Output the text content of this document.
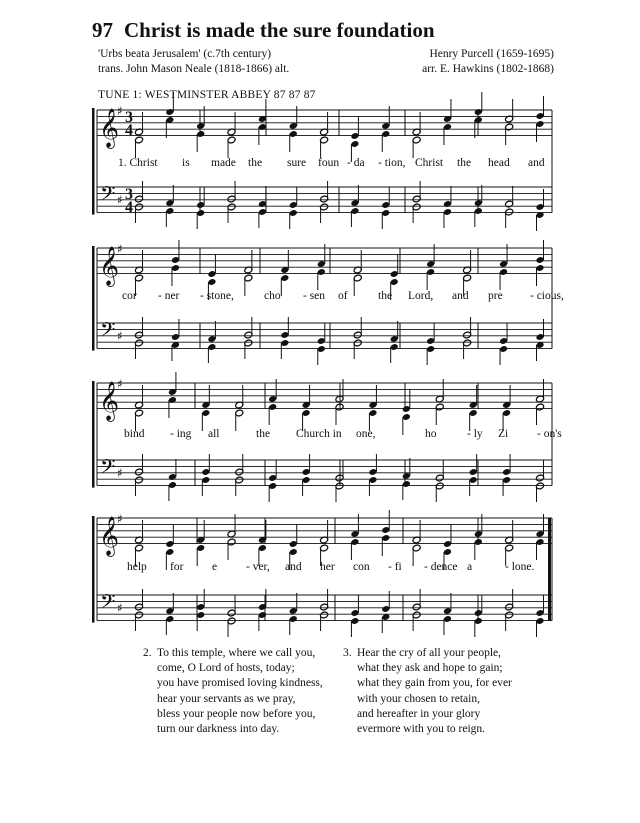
97 Christ is made the sure foundation
'Urbs beata Jerusalem' (c.7th century)
trans. John Mason Neale (1818-1866) alt.
Henry Purcell (1659-1695)
arr. E. Hawkins (1802-1868)
TUNE 1: WESTMINSTER ABBEY 87 87 87
𝄞
𝄢
♯
♯
3
4
3
4
1. Christ is made the sure foun - da - tion, Christ the head and
𝄞
𝄢
♯
♯
cor - ner - stone,	cho - sen of	the Lord, and pre - cious,
𝄞
𝄢
♯
♯
bind - ing all	the Church in one,	ho	- ly Zi	- on's
𝄞
𝄢
♯
♯
help for e	- ver, and her con - fi - dence a	- lone.
2. To this temple, where we call you,
come, O Lord of hosts, today;
you have promised loving kindness,
hear your servants as we pray,
bless your people now before you,
turn our darkness into day.
3. Hear the cry of all your people,
what they ask and hope to gain;
what they gain from you, for ever
with your chosen to retain,
and hereafter in your glory
evermore with you to reign.
